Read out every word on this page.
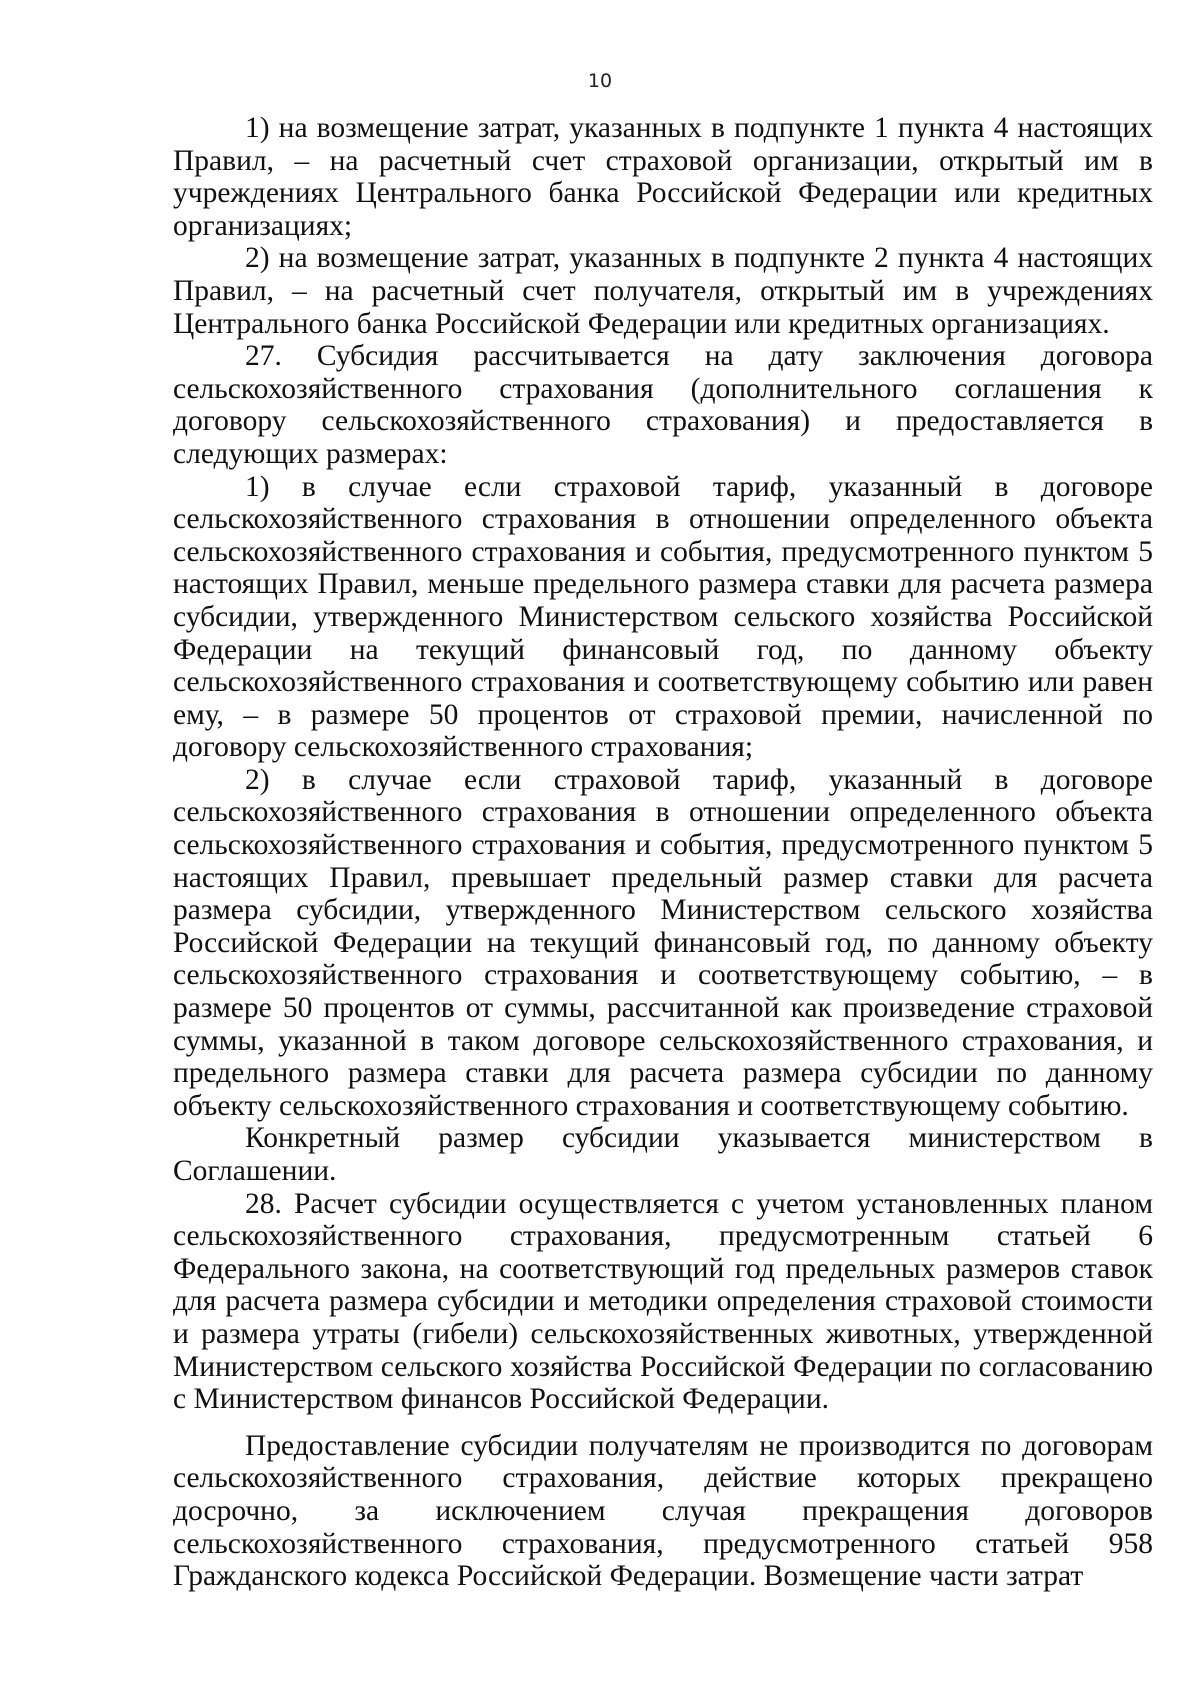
10

1) на возмещение затрат, указанных в подпункте 1 пункта 4 настоящих Правил, – на расчетный счет страховой организации, открытый им в учреждениях Центрального банка Российской Федерации или кредитных организациях;

2) на возмещение затрат, указанных в подпункте 2 пункта 4 настоящих Правил, – на расчетный счет получателя, открытый им в учреждениях Центрального банка Российской Федерации или кредитных организациях.

27. Субсидия рассчитывается на дату заключения договора сельскохозяйственного страхования (дополнительного соглашения к договору сельскохозяйственного страхования) и предоставляется в следующих размерах:

1) в случае если страховой тариф, указанный в договоре сельскохозяйственного страхования в отношении определенного объекта сельскохозяйственного страхования и события, предусмотренного пунктом 5 настоящих Правил, меньше предельного размера ставки для расчета размера субсидии, утвержденного Министерством сельского хозяйства Российской Федерации на текущий финансовый год, по данному объекту сельскохозяйственного страхования и соответствующему событию или равен ему, – в размере 50 процентов от страховой премии, начисленной по договору сельскохозяйственного страхования;

2) в случае если страховой тариф, указанный в договоре сельскохозяйственного страхования в отношении определенного объекта сельскохозяйственного страхования и события, предусмотренного пунктом 5 настоящих Правил, превышает предельный размер ставки для расчета размера субсидии, утвержденного Министерством сельского хозяйства Российской Федерации на текущий финансовый год, по данному объекту сельскохозяйственного страхования и соответствующему событию, – в размере 50 процентов от суммы, рассчитанной как произведение страховой суммы, указанной в таком договоре сельскохозяйственного страхования, и предельного размера ставки для расчета размера субсидии по данному объекту сельскохозяйственного страхования и соответствующему событию.

Конкретный размер субсидии указывается министерством в Соглашении.

28. Расчет субсидии осуществляется с учетом установленных планом сельскохозяйственного страхования, предусмотренным статьей 6 Федерального закона, на соответствующий год предельных размеров ставок для расчета размера субсидии и методики определения страховой стоимости и размера утраты (гибели) сельскохозяйственных животных, утвержденной Министерством сельского хозяйства Российской Федерации по согласованию с Министерством финансов Российской Федерации.

Предоставление субсидии получателям не производится по договорам сельскохозяйственного страхования, действие которых прекращено досрочно, за исключением случая прекращения договоров сельскохозяйственного страхования, предусмотренного статьей 958 Гражданского кодекса Российской Федерации. Возмещение части затрат
